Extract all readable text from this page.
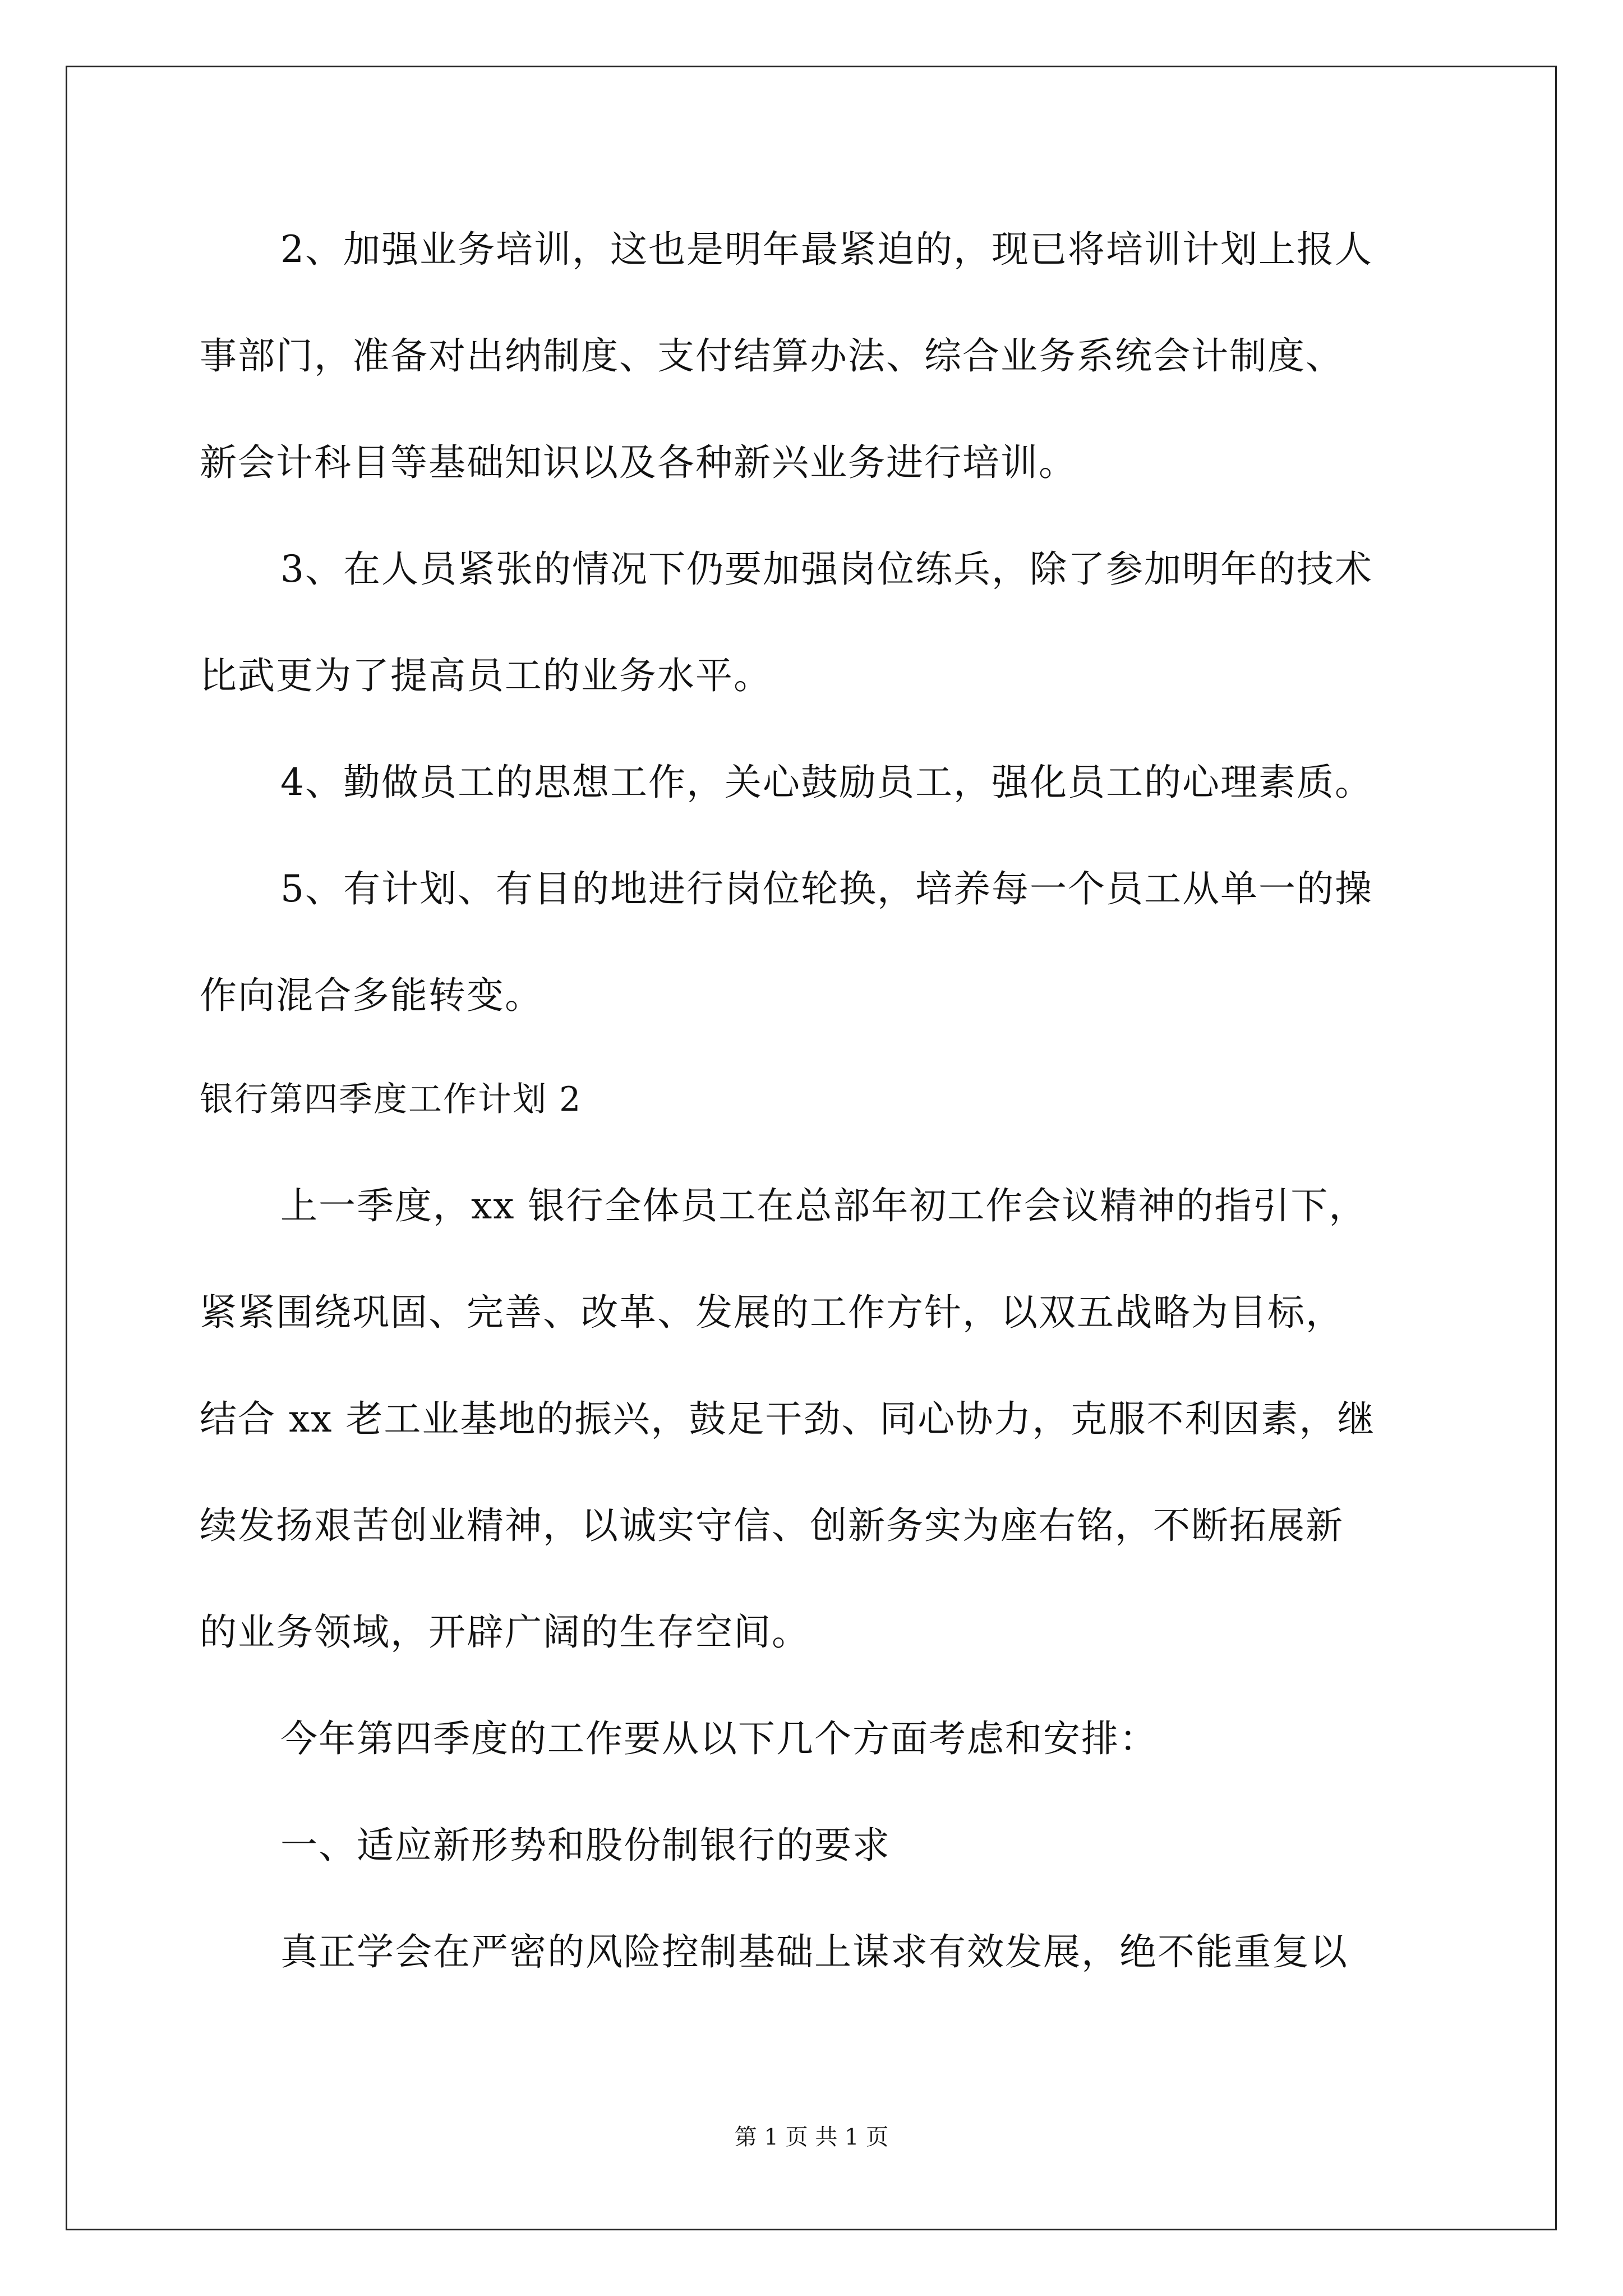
2、加强业务培训，这也是明年最紧迫的，现已将培训计划上报人
事部门，准备对出纳制度、支付结算办法、综合业务系统会计制度、
新会计科目等基础知识以及各种新兴业务进行培训。
3、在人员紧张的情况下仍要加强岗位练兵，除了参加明年的技术
比武更为了提高员工的业务水平。
4、勤做员工的思想工作，关心鼓励员工，强化员工的心理素质。
5、有计划、有目的地进行岗位轮换，培养每一个员工从单一的操
作向混合多能转变。
银行第四季度工作计划 2
上一季度，xx 银行全体员工在总部年初工作会议精神的指引下，
紧紧围绕巩固、完善、改革、发展的工作方针，以双五战略为目标，
结合 xx 老工业基地的振兴，鼓足干劲、同心协力，克服不利因素，继
续发扬艰苦创业精神，以诚实守信、创新务实为座右铭，不断拓展新
的业务领域，开辟广阔的生存空间。
今年第四季度的工作要从以下几个方面考虑和安排：
一、适应新形势和股份制银行的要求
真正学会在严密的风险控制基础上谋求有效发展，绝不能重复以
第 1 页 共 1 页
